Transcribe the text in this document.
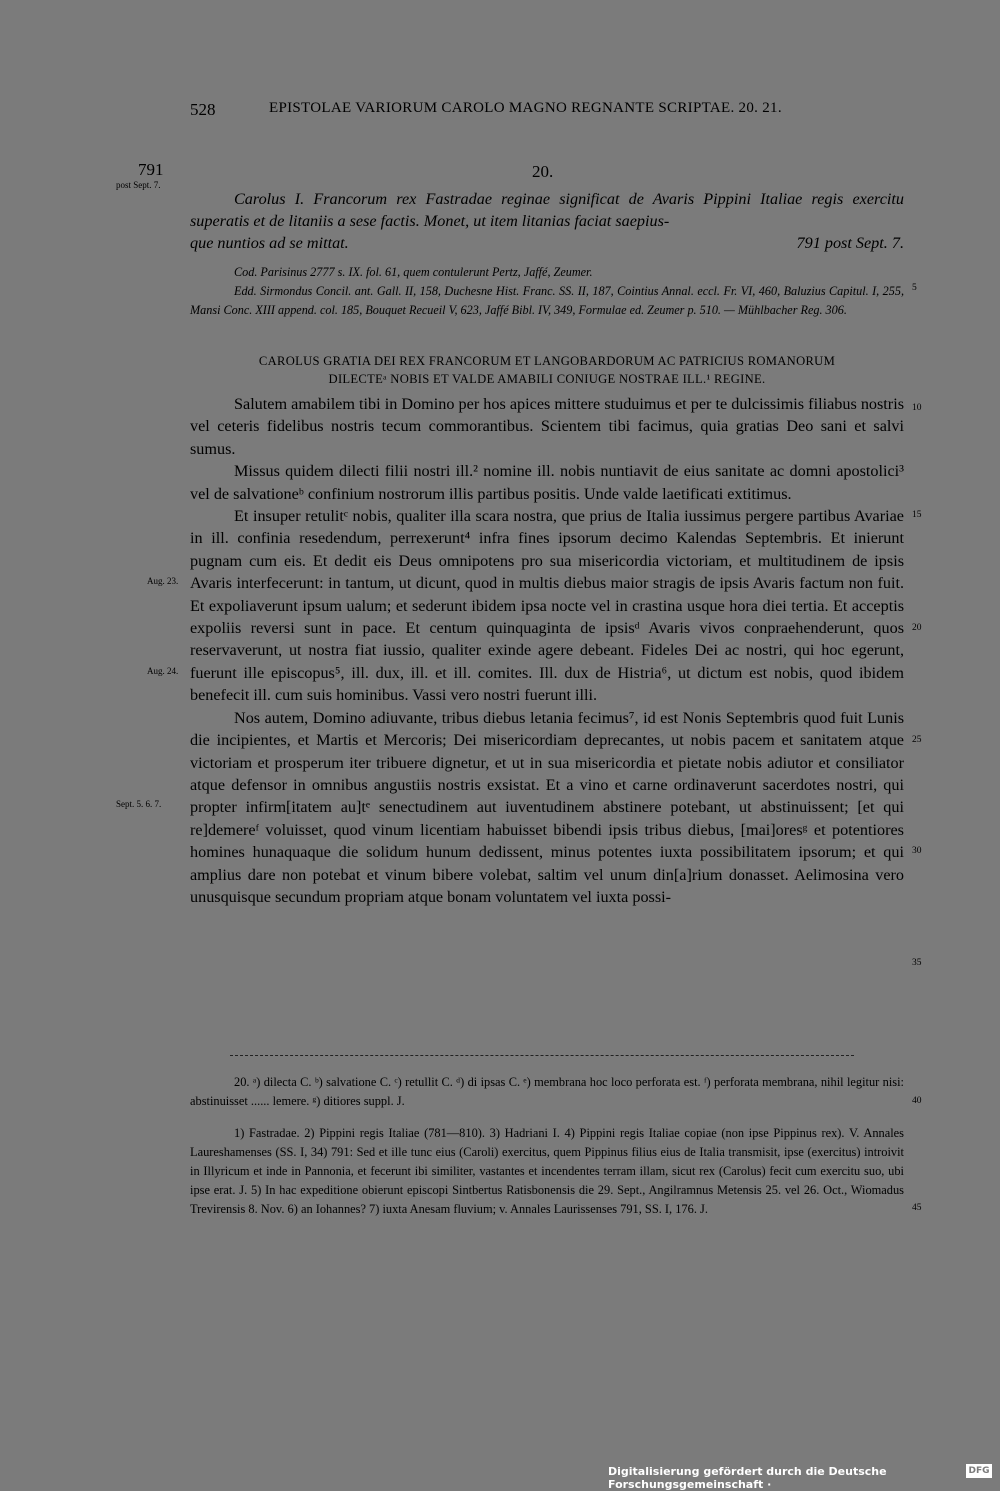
528	EPISTOLAE VARIORUM CAROLO MAGNO REGNANTE SCRIPTAE. 20. 21.
791
post Sept. 7.
20.
Carolus I. Francorum rex Fastradae reginae significat de Avaris Pippini Italiae regis exercitu superatis et de litaniis a sese factis. Monet, ut item litanias faciat saepius-
que nuntios ad se mittat.	791 post Sept. 7.
Cod. Parisinus 2777 s. IX. fol. 61, quem contulerunt Pertz, Jaffé, Zeumer.
Edd. Sirmondus Concil. ant. Gall. II, 158, Duchesne Hist. Franc. SS. II, 187, Cointius Annal. eccl. Fr. VI, 460, Baluzius Capitul. I, 255, Mansi Conc. XIII append. col. 185, Bouquet Recueil V, 623, Jaffé Bibl. IV, 349, Formulae ed. Zeumer p. 510. — Mühlbacher Reg. 306.
CAROLUS GRATIA DEI REX FRANCORUM ET LANGOBARDORUM AC PATRICIUS ROMANORUM
DILECTEᵃ NOBIS ET VALDE AMABILI CONIUGE NOSTRAE ILL.¹ REGINE.

Salutem amabilem tibi in Domino per hos apices mittere studuimus et per te dulcissimis filiabus nostris vel ceteris fidelibus nostris tecum commorantibus. Scientem tibi facimus, quia gratias Deo sani et salvi sumus.

Missus quidem dilecti filii nostri ill.² nomine ill. nobis nuntiavit de eius sanitate ac domni apostolici³ vel de salvationeᵇ confinium nostrorum illis partibus positis. Unde valde laetificati extitimus.

Et insuper retulitᶜ nobis, qualiter illa scara nostra, que prius de Italia iussimus pergere partibus Avariae in ill. confinia resedendum, perrexerunt⁴ infra fines ipsorum decimo Kalendas Septembris. Et inierunt pugnam cum eis. Et dedit eis Deus omnipotens pro sua misericordia victoriam, et multitudinem de ipsis Avaris interfecerunt: in tantum, ut dicunt, quod in multis diebus maior stragis de ipsis Avaris factum non fuit. Et expoliaverunt ipsum ualum; et sederunt ibidem ipsa nocte vel in crastina usque hora diei tertia. Et acceptis expoliis reversi sunt in pace. Et centum quinquaginta de ipsisᵈ Avaris vivos conpraehenderunt, quos reservaverunt, ut nostra fiat iussio, qualiter exinde agere debeant. Fideles Dei ac nostri, qui hoc egerunt, fuerunt ille episcopus⁵, ill. dux, ill. et ill. comites. Ill. dux de Histria⁶, ut dictum est nobis, quod ibidem benefecit ill. cum suis hominibus. Vassi vero nostri fuerunt illi.

Nos autem, Domino adiuvante, tribus diebus letania fecimus⁷, id est Nonis Septembris quod fuit Lunis die incipientes, et Martis et Mercoris; Dei misericordiam deprecantes, ut nobis pacem et sanitatem atque victoriam et prosperum iter tribuere dignetur, et ut in sua misericordia et pietate nobis adiutor et consiliator atque defensor in omnibus angustiis nostris exsistat. Et a vino et carne ordinaverunt sacerdotes nostri, qui propter infirm[itatem au]tᵉ senectudinem aut iuventudinem abstinere potebant, ut abstinuissent; [et qui re]demereᶠ voluisset, quod vinum licentiam habuisset bibendi ipsis tribus diebus, [mai]oresᵍ et potentiores homines hunaquaque die solidum hunum dedissent, minus potentes iuxta possibilitatem ipsorum; et qui amplius dare non potebat et vinum bibere volebat, saltim vel unum din[a]rium donasset. Aelimosina vero unusquisque secundum propriam atque bonam voluntatem vel iuxta possi-

20. ᵃ) dilecta C. ᵇ) salvatione C. ᶜ) retullit C. ᵈ) di ipsas C. ᵉ) membrana hoc loco perforata est. ᶠ) perforata membrana, nihil legitur nisi: abstinuisset ...... lemere. ᵍ) ditiores suppl. J.

1) Fastradae. 2) Pippini regis Italiae (781—810). 3) Hadriani I. 4) Pippini regis Italiae copiae (non ipse Pippinus rex). V. Annales Laureshamenses (SS. I, 34) 791: Sed et ille tunc eius (Caroli) exercitus, quem Pippinus filius eius de Italia transmisit, ipse (exercitus) introivit in Illyricum et inde in Pannonia, et fecerunt ibi similiter, vastantes et incendentes terram illam, sicut rex (Carolus) fecit cum exercitu suo, ubi ipse erat. J. 5) In hac expeditione obierunt episcopi Sintbertus Ratisbonensis die 29. Sept., Angilramnus Metensis 25. vel 26. Oct., Wiomadus Trevirensis 8. Nov. 6) an Iohannes? 7) iuxta Anesam fluvium; v. Annales Laurissenses 791, SS. I, 176. J.

Aug. 23.
Aug. 24.
Sept. 5. 6. 7.
5
10
15
20
25
30
35
40
45
Digitalisierung gefördert durch die Deutsche Forschungsgemeinschaft ·
DFG
